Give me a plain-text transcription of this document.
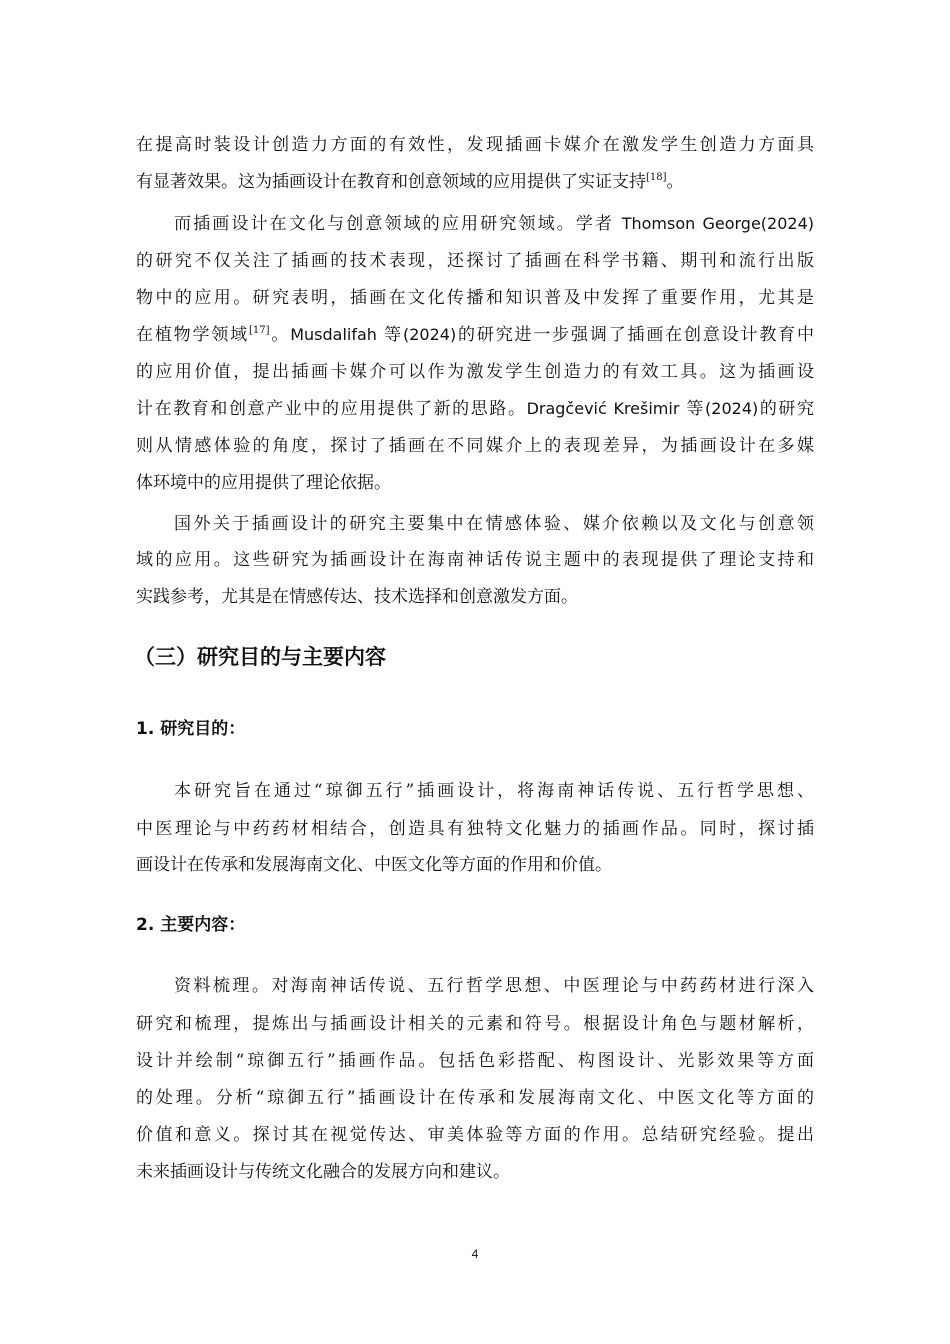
在提高时装设计创造力方面的有效性，发现插画卡媒介在激发学生创造力方面具
有显著效果。这为插画设计在教育和创意领域的应用提供了实证支持[18]。
而插画设计在文化与创意领域的应用研究领域。学者 Thomson George(2024)
的研究不仅关注了插画的技术表现，还探讨了插画在科学书籍、期刊和流行出版
物中的应用。研究表明，插画在文化传播和知识普及中发挥了重要作用，尤其是
在植物学领域[17]。Musdalifah 等(2024)的研究进一步强调了插画在创意设计教育中
的应用价值，提出插画卡媒介可以作为激发学生创造力的有效工具。这为插画设
计在教育和创意产业中的应用提供了新的思路。Dragčević Krešimir 等(2024)的研究
则从情感体验的角度，探讨了插画在不同媒介上的表现差异，为插画设计在多媒
体环境中的应用提供了理论依据。
国外关于插画设计的研究主要集中在情感体验、媒介依赖以及文化与创意领
域的应用。这些研究为插画设计在海南神话传说主题中的表现提供了理论支持和
实践参考，尤其是在情感传达、技术选择和创意激发方面。
（三）研究目的与主要内容
1. 研究目的：
本研究旨在通过“琼御五行”插画设计，将海南神话传说、五行哲学思想、
中医理论与中药药材相结合，创造具有独特文化魅力的插画作品。同时，探讨插
画设计在传承和发展海南文化、中医文化等方面的作用和价值。
2. 主要内容：
资料梳理。对海南神话传说、五行哲学思想、中医理论与中药药材进行深入
研究和梳理，提炼出与插画设计相关的元素和符号。根据设计角色与题材解析，
设计并绘制“琼御五行”插画作品。包括色彩搭配、构图设计、光影效果等方面
的处理。分析“琼御五行”插画设计在传承和发展海南文化、中医文化等方面的
价值和意义。探讨其在视觉传达、审美体验等方面的作用。总结研究经验。提出
未来插画设计与传统文化融合的发展方向和建议。
4
